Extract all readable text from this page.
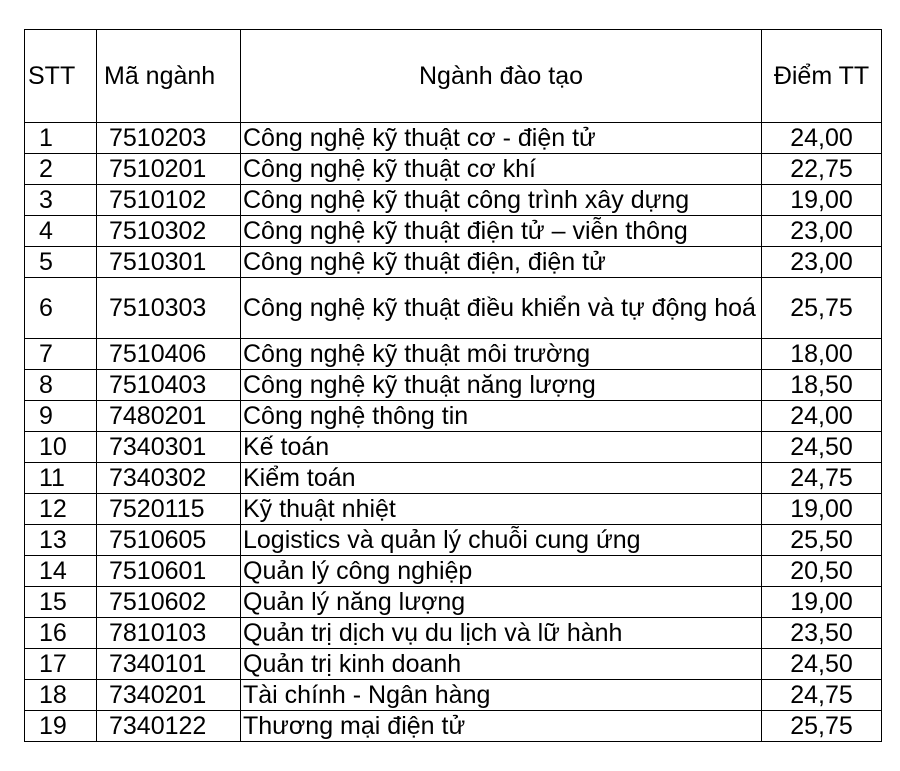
STT	Mã ngành	Ngành đào tạo	Điểm TT
1	7510203	Công nghệ kỹ thuật cơ - điện tử	24,00
2	7510201	Công nghệ kỹ thuật cơ khí	22,75
3	7510102	Công nghệ kỹ thuật công trình xây dựng	19,00
4	7510302	Công nghệ kỹ thuật điện tử – viễn thông	23,00
5	7510301	Công nghệ kỹ thuật điện, điện tử	23,00
6	7510303	Công nghệ kỹ thuật điều khiển và tự động hoá	25,75
7	7510406	Công nghệ kỹ thuật môi trường	18,00
8	7510403	Công nghệ kỹ thuật năng lượng	18,50
9	7480201	Công nghệ thông tin	24,00
10	7340301	Kế toán	24,50
11	7340302	Kiểm toán	24,75
12	7520115	Kỹ thuật nhiệt	19,00
13	7510605	Logistics và quản lý chuỗi cung ứng	25,50
14	7510601	Quản lý công nghiệp	20,50
15	7510602	Quản lý năng lượng	19,00
16	7810103	Quản trị dịch vụ du lịch và lữ hành	23,50
17	7340101	Quản trị kinh doanh	24,50
18	7340201	Tài chính - Ngân hàng	24,75
19	7340122	Thương mại điện tử	25,75
